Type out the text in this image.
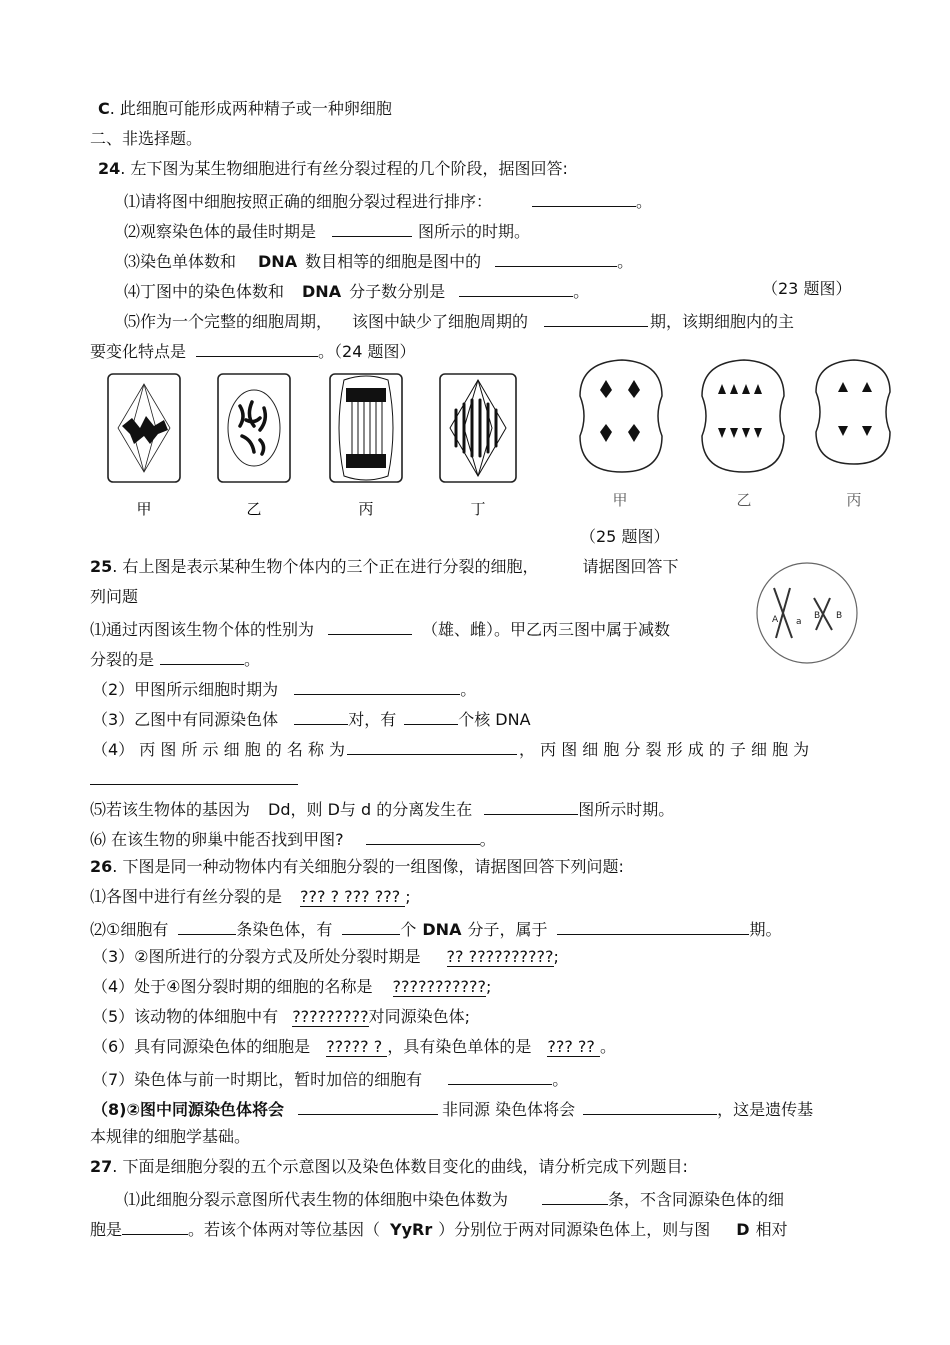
C. 此细胞可能形成两种精子或一种卵细胞
二、非选择题。
24. 左下图为某生物细胞进行有丝分裂过程的几个阶段，据图回答:
⑴请将图中细胞按照正确的细胞分裂过程进行排序：	。
⑵观察染色体的最佳时期是	图所示的时期。
⑶染色单体数和 DNA 数目相等的细胞是图中的	。
⑷丁图中的染色体数和 DNA 分子数分别是	。	（23 题图）
⑸作为一个完整的细胞周期， 该图中缺少了细胞周期的	期，该期细胞内的主
要变化特点是	。（24 题图）
甲	乙	丙	丁	甲	乙	丙
（25 题图）
A a
B B
25. 右上图是表示某种生物个体内的三个正在进行分裂的细胞，	请据图回答下
列问题
⑴通过丙图该生物个体的性别为	（雄、雌）。甲乙丙三图中属于减数
分裂的是	。
（2）甲图所示细胞时期为	。
（3）乙图中有同源染色体	对，有	个核 DNA
（4） 丙 图 所 示 细 胞 的 名 称 为	， 丙 图 细 胞 分 裂 形 成 的 子 细 胞 为
⑸若该生物体的基因为 Dd，则 D与 d 的分离发生在	图所示时期。
⑹ 在该生物的卵巢中能否找到甲图?	。
26. 下图是同一种动物体内有关细胞分裂的一组图像，请据图回答下列问题:
⑴各图中进行有丝分裂的是 ??? ? ??? ??? ;
⑵①细胞有	条染色体，有	个 DNA 分子，属于	期。
（3）②图所进行的分裂方式及所处分裂时期是 ?? ??????????;
（4）处于④图分裂时期的细胞的名称是 ???????????;
（5）该动物的体细胞中有 ?????????对同源染色体;
（6）具有同源染色体的细胞是 ????? ? ，具有染色单体的是 ??? ?? 。
（7）染色体与前一时期比，暂时加倍的细胞有	。
（8)②图中同源染色体将会	非同源 染色体将会	，这是遗传基
本规律的细胞学基础。
27. 下面是细胞分裂的五个示意图以及染色体数目变化的曲线，请分析完成下列题目:
⑴此细胞分裂示意图所代表生物的体细胞中染色体数为	条，不含同源染色体的细
胞是	。若该个体两对等位基因（ YyRr ）分别位于两对同源染色体上，则与图 D 相对
